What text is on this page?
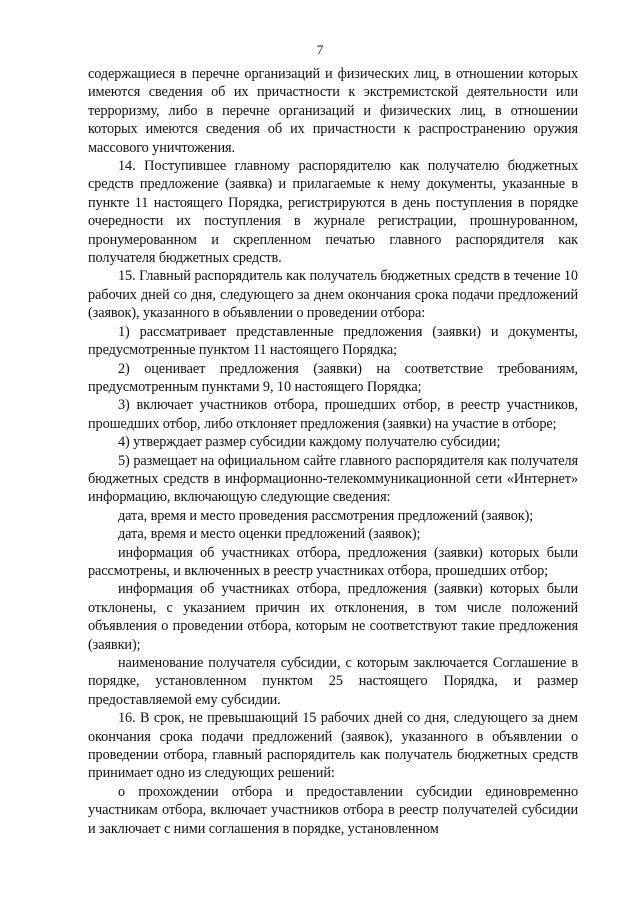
7

содержащиеся в перечне организаций и физических лиц, в отношении которых имеются сведения об их причастности к экстремистской деятельности или терроризму, либо в перечне организаций и физических лиц, в отношении которых имеются сведения об их причастности к распространению оружия массового уничтожения.

14. Поступившее главному распорядителю как получателю бюджетных средств предложение (заявка) и прилагаемые к нему документы, указанные в пункте 11 настоящего Порядка, регистрируются в день поступления в порядке очередности их поступления в журнале регистрации, прошнурованном, пронумерованном и скрепленном печатью главного распорядителя как получателя бюджетных средств.

15. Главный распорядитель как получатель бюджетных средств в течение 10 рабочих дней со дня, следующего за днем окончания срока подачи предложений (заявок), указанного в объявлении о проведении отбора:

1) рассматривает представленные предложения (заявки) и документы, предусмотренные пунктом 11 настоящего Порядка;

2) оценивает предложения (заявки) на соответствие требованиям, предусмотренным пунктами 9, 10 настоящего Порядка;

3) включает участников отбора, прошедших отбор, в реестр участников, прошедших отбор, либо отклоняет предложения (заявки) на участие в отборе;

4) утверждает размер субсидии каждому получателю субсидии;

5) размещает на официальном сайте главного распорядителя как получателя бюджетных средств в информационно-телекоммуникационной сети «Интернет» информацию, включающую следующие сведения:

дата, время и место проведения рассмотрения предложений (заявок);

дата, время и место оценки предложений (заявок);

информация об участниках отбора, предложения (заявки) которых были рассмотрены, и включенных в реестр участниках отбора, прошедших отбор;

информация об участниках отбора, предложения (заявки) которых были отклонены, с указанием причин их отклонения, в том числе положений объявления о проведении отбора, которым не соответствуют такие предложения (заявки);

наименование получателя субсидии, с которым заключается Соглашение в порядке, установленном пунктом 25 настоящего Порядка, и размер предоставляемой ему субсидии.

16. В срок, не превышающий 15 рабочих дней со дня, следующего за днем окончания срока подачи предложений (заявок), указанного в объявлении о проведении отбора, главный распорядитель как получатель бюджетных средств принимает одно из следующих решений:

о прохождении отбора и предоставлении субсидии единовременно участникам отбора, включает участников отбора в реестр получателей субсидии и заключает с ними соглашения в порядке, установленном
